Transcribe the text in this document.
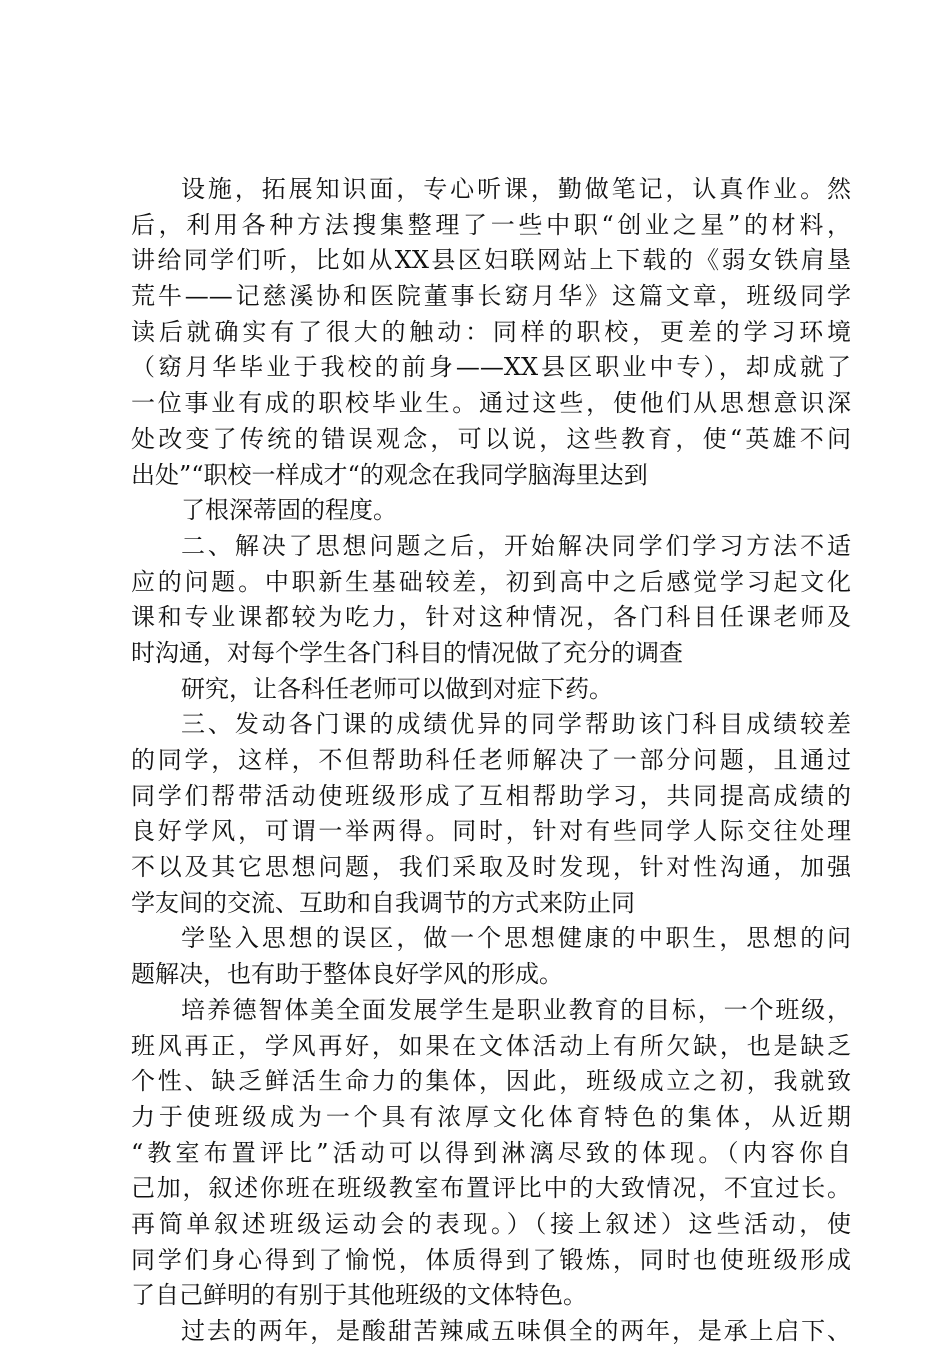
设施，拓展知识面，专心听课，勤做笔记，认真作业。然
后，利用各种方法搜集整理了一些中职“创业之星”的材料，
讲给同学们听，比如从XX县区妇联网站上下载的《弱女铁肩垦
荒牛——记慈溪协和医院董事长窈月华》这篇文章，班级同学
读后就确实有了很大的触动：同样的职校，更差的学习环境
（窈月华毕业于我校的前身——XX县区职业中专），却成就了
一位事业有成的职校毕业生。通过这些，使他们从思想意识深
处改变了传统的错误观念，可以说，这些教育，使“英雄不问
出处”“职校一样成才“的观念在我同学脑海里达到
了根深蒂固的程度。
二、解决了思想问题之后，开始解决同学们学习方法不适
应的问题。中职新生基础较差，初到高中之后感觉学习起文化
课和专业课都较为吃力，针对这种情况，各门科目任课老师及
时沟通，对每个学生各门科目的情况做了充分的调查
研究，让各科任老师可以做到对症下药。
三、发动各门课的成绩优异的同学帮助该门科目成绩较差
的同学，这样，不但帮助科任老师解决了一部分问题，且通过
同学们帮带活动使班级形成了互相帮助学习，共同提高成绩的
良好学风，可谓一举两得。同时，针对有些同学人际交往处理
不以及其它思想问题，我们采取及时发现，针对性沟通，加强
学友间的交流、互助和自我调节的方式来防止同
学坠入思想的误区，做一个思想健康的中职生，思想的问
题解决，也有助于整体良好学风的形成。
培养德智体美全面发展学生是职业教育的目标，一个班级，
班风再正，学风再好，如果在文体活动上有所欠缺，也是缺乏
个性、缺乏鲜活生命力的集体，因此，班级成立之初，我就致
力于使班级成为一个具有浓厚文化体育特色的集体，从近期
“教室布置评比”活动可以得到淋漓尽致的体现。（内容你自
己加，叙述你班在班级教室布置评比中的大致情况，不宜过长。
再简单叙述班级运动会的表现。）（接上叙述）这些活动，使
同学们身心得到了愉悦，体质得到了锻炼，同时也使班级形成
了自己鲜明的有别于其他班级的文体特色。
过去的两年，是酸甜苦辣咸五味俱全的两年，是承上启下、
